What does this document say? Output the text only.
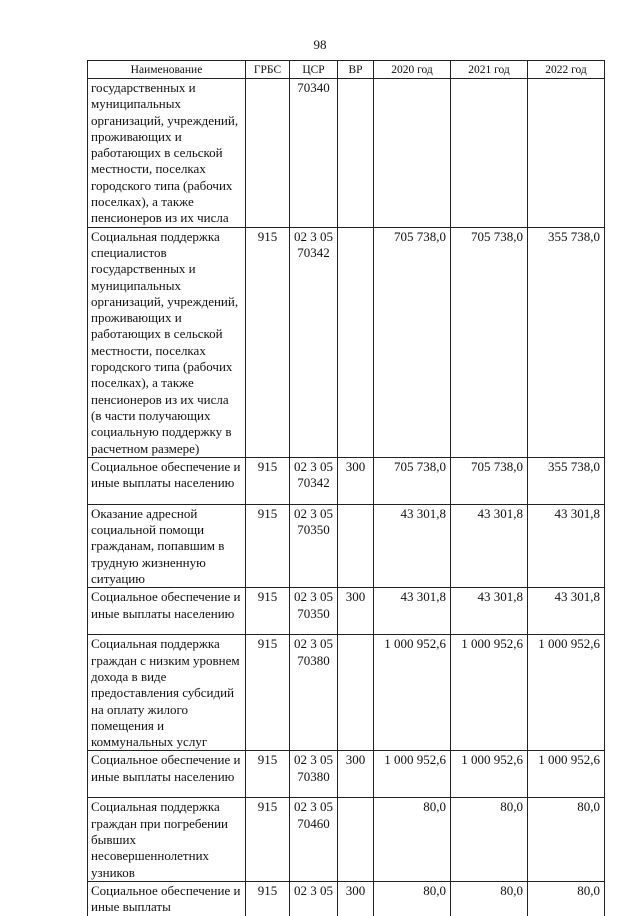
98
Наименование	ГРБС	ЦСР	ВР	2020 год	2021 год	2022 год
государственных и муниципальных организаций, учреждений, проживающих и работающих в сельской местности, поселках городского типа (рабочих поселках), а также пенсионеров из их числа		70340				
Социальная поддержка специалистов государственных и муниципальных организаций, учреждений, проживающих и работающих в сельской местности, поселках городского типа (рабочих поселках), а также пенсионеров из их числа (в части получающих социальную поддержку в расчетном размере)	915	02 3 05 70342		705 738,0	705 738,0	355 738,0
Социальное обеспечение и иные выплаты населению	915	02 3 05 70342	300	705 738,0	705 738,0	355 738,0
Оказание адресной социальной помощи гражданам, попавшим в трудную жизненную ситуацию	915	02 3 05 70350		43 301,8	43 301,8	43 301,8
Социальное обеспечение и иные выплаты населению	915	02 3 05 70350	300	43 301,8	43 301,8	43 301,8
Социальная поддержка граждан с низким уровнем дохода в виде предоставления субсидий на оплату жилого помещения и коммунальных услуг	915	02 3 05 70380		1 000 952,6	1 000 952,6	1 000 952,6
Социальное обеспечение и иные выплаты населению	915	02 3 05 70380	300	1 000 952,6	1 000 952,6	1 000 952,6
Социальная поддержка граждан при погребении бывших несовершеннолетних узников	915	02 3 05 70460		80,0	80,0	80,0
Социальное обеспечение и иные выплаты	915	02 3 05	300	80,0	80,0	80,0
